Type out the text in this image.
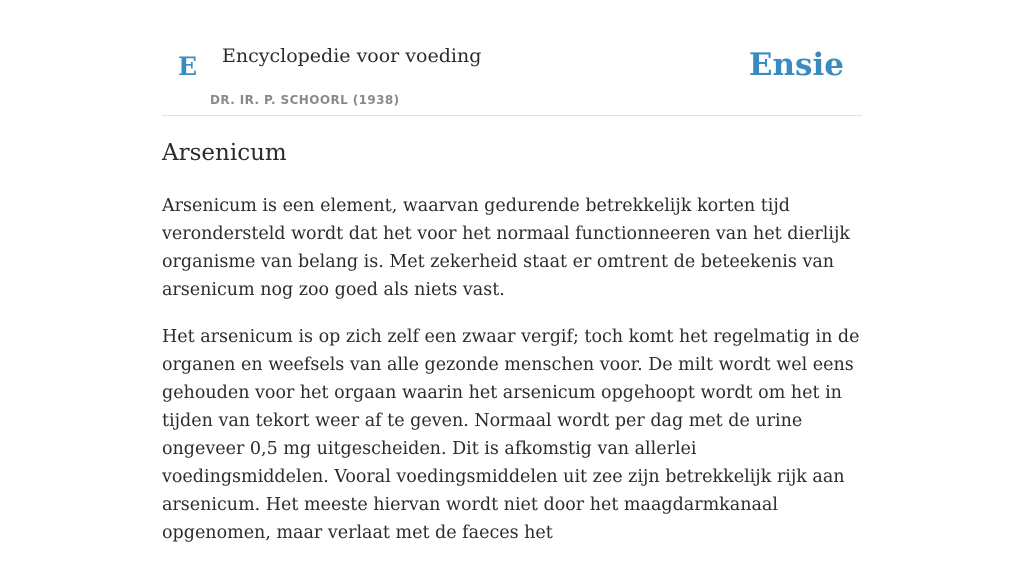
E Encyclopedie voor voeding
DR. IR. P. SCHOORL (1938)
Ensie
Arsenicum

Arsenicum is een element, waarvan gedurende betrekkelijk korten tijd verondersteld wordt dat het voor het normaal functionneeren van het dierlijk organisme van belang is. Met zekerheid staat er omtrent de beteekenis van arsenicum nog zoo goed als niets vast.

Het arsenicum is op zich zelf een zwaar vergif; toch komt het regelmatig in de organen en weefsels van alle gezonde menschen voor. De milt wordt wel eens gehouden voor het orgaan waarin het arsenicum opgehoopt wordt om het in tijden van tekort weer af te geven. Normaal wordt per dag met de urine ongeveer 0,5 mg uitgescheiden. Dit is afkomstig van allerlei voedingsmiddelen. Vooral voedingsmiddelen uit zee zijn betrekkelijk rijk aan arsenicum. Het meeste hiervan wordt niet door het maagdarmkanaal opgenomen, maar verlaat met de faeces het
